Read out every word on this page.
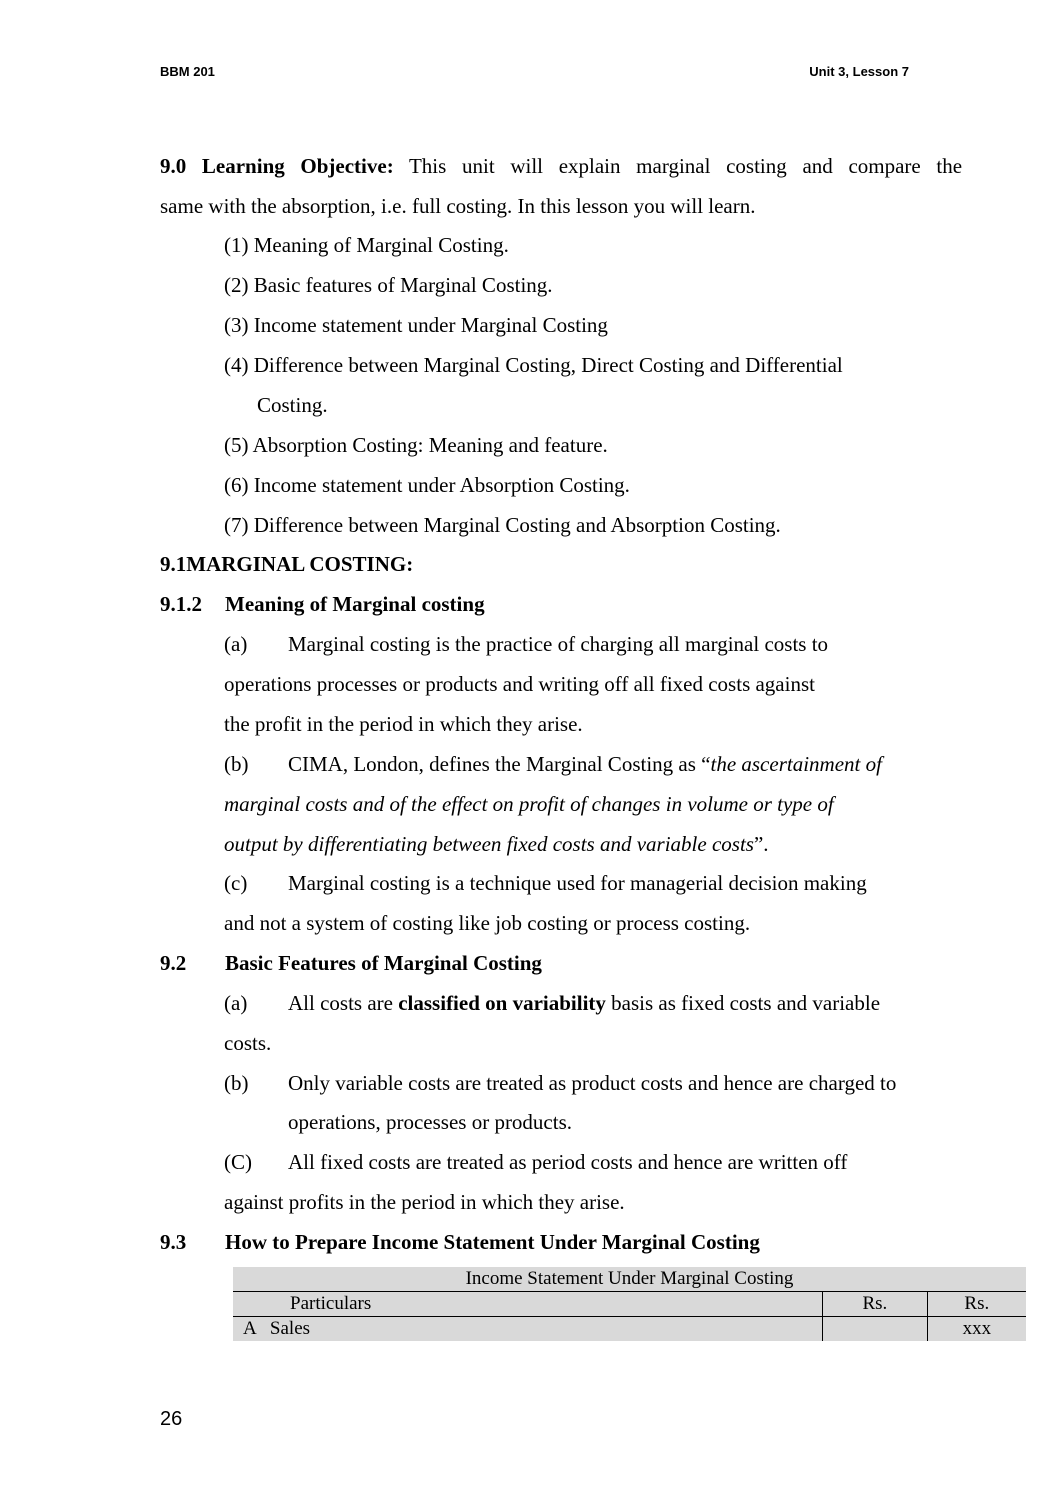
BBM 201	Unit 3, Lesson 7
9.0 Learning Objective: This unit will explain marginal costing and compare the
same with the absorption, i.e. full costing. In this lesson you will learn.
(1) Meaning of Marginal Costing.
(2) Basic features of Marginal Costing.
(3) Income statement under Marginal Costing
(4) Difference between Marginal Costing, Direct Costing and Differential
Costing.
(5) Absorption Costing: Meaning and feature.
(6) Income statement under Absorption Costing.
(7) Difference between Marginal Costing and Absorption Costing.
9.1MARGINAL COSTING:
9.1.2 Meaning of Marginal costing
(a) Marginal costing is the practice of charging all marginal costs to
operations processes or products and writing off all fixed costs against
the profit in the period in which they arise.
(b) CIMA, London, defines the Marginal Costing as “the ascertainment of
marginal costs and of the effect on profit of changes in volume or type of
output by differentiating between fixed costs and variable costs”.
(c) Marginal costing is a technique used for managerial decision making
and not a system of costing like job costing or process costing.
9.2 Basic Features of Marginal Costing
(a) All costs are classified on variability basis as fixed costs and variable
costs.
(b) Only variable costs are treated as product costs and hence are charged to
operations, processes or products.
(C) All fixed costs are treated as period costs and hence are written off
against profits in the period in which they arise.
9.3 How to Prepare Income Statement Under Marginal Costing
Income Statement Under Marginal Costing		
Particulars	Rs.	Rs.
A   Sales		xxx
26
